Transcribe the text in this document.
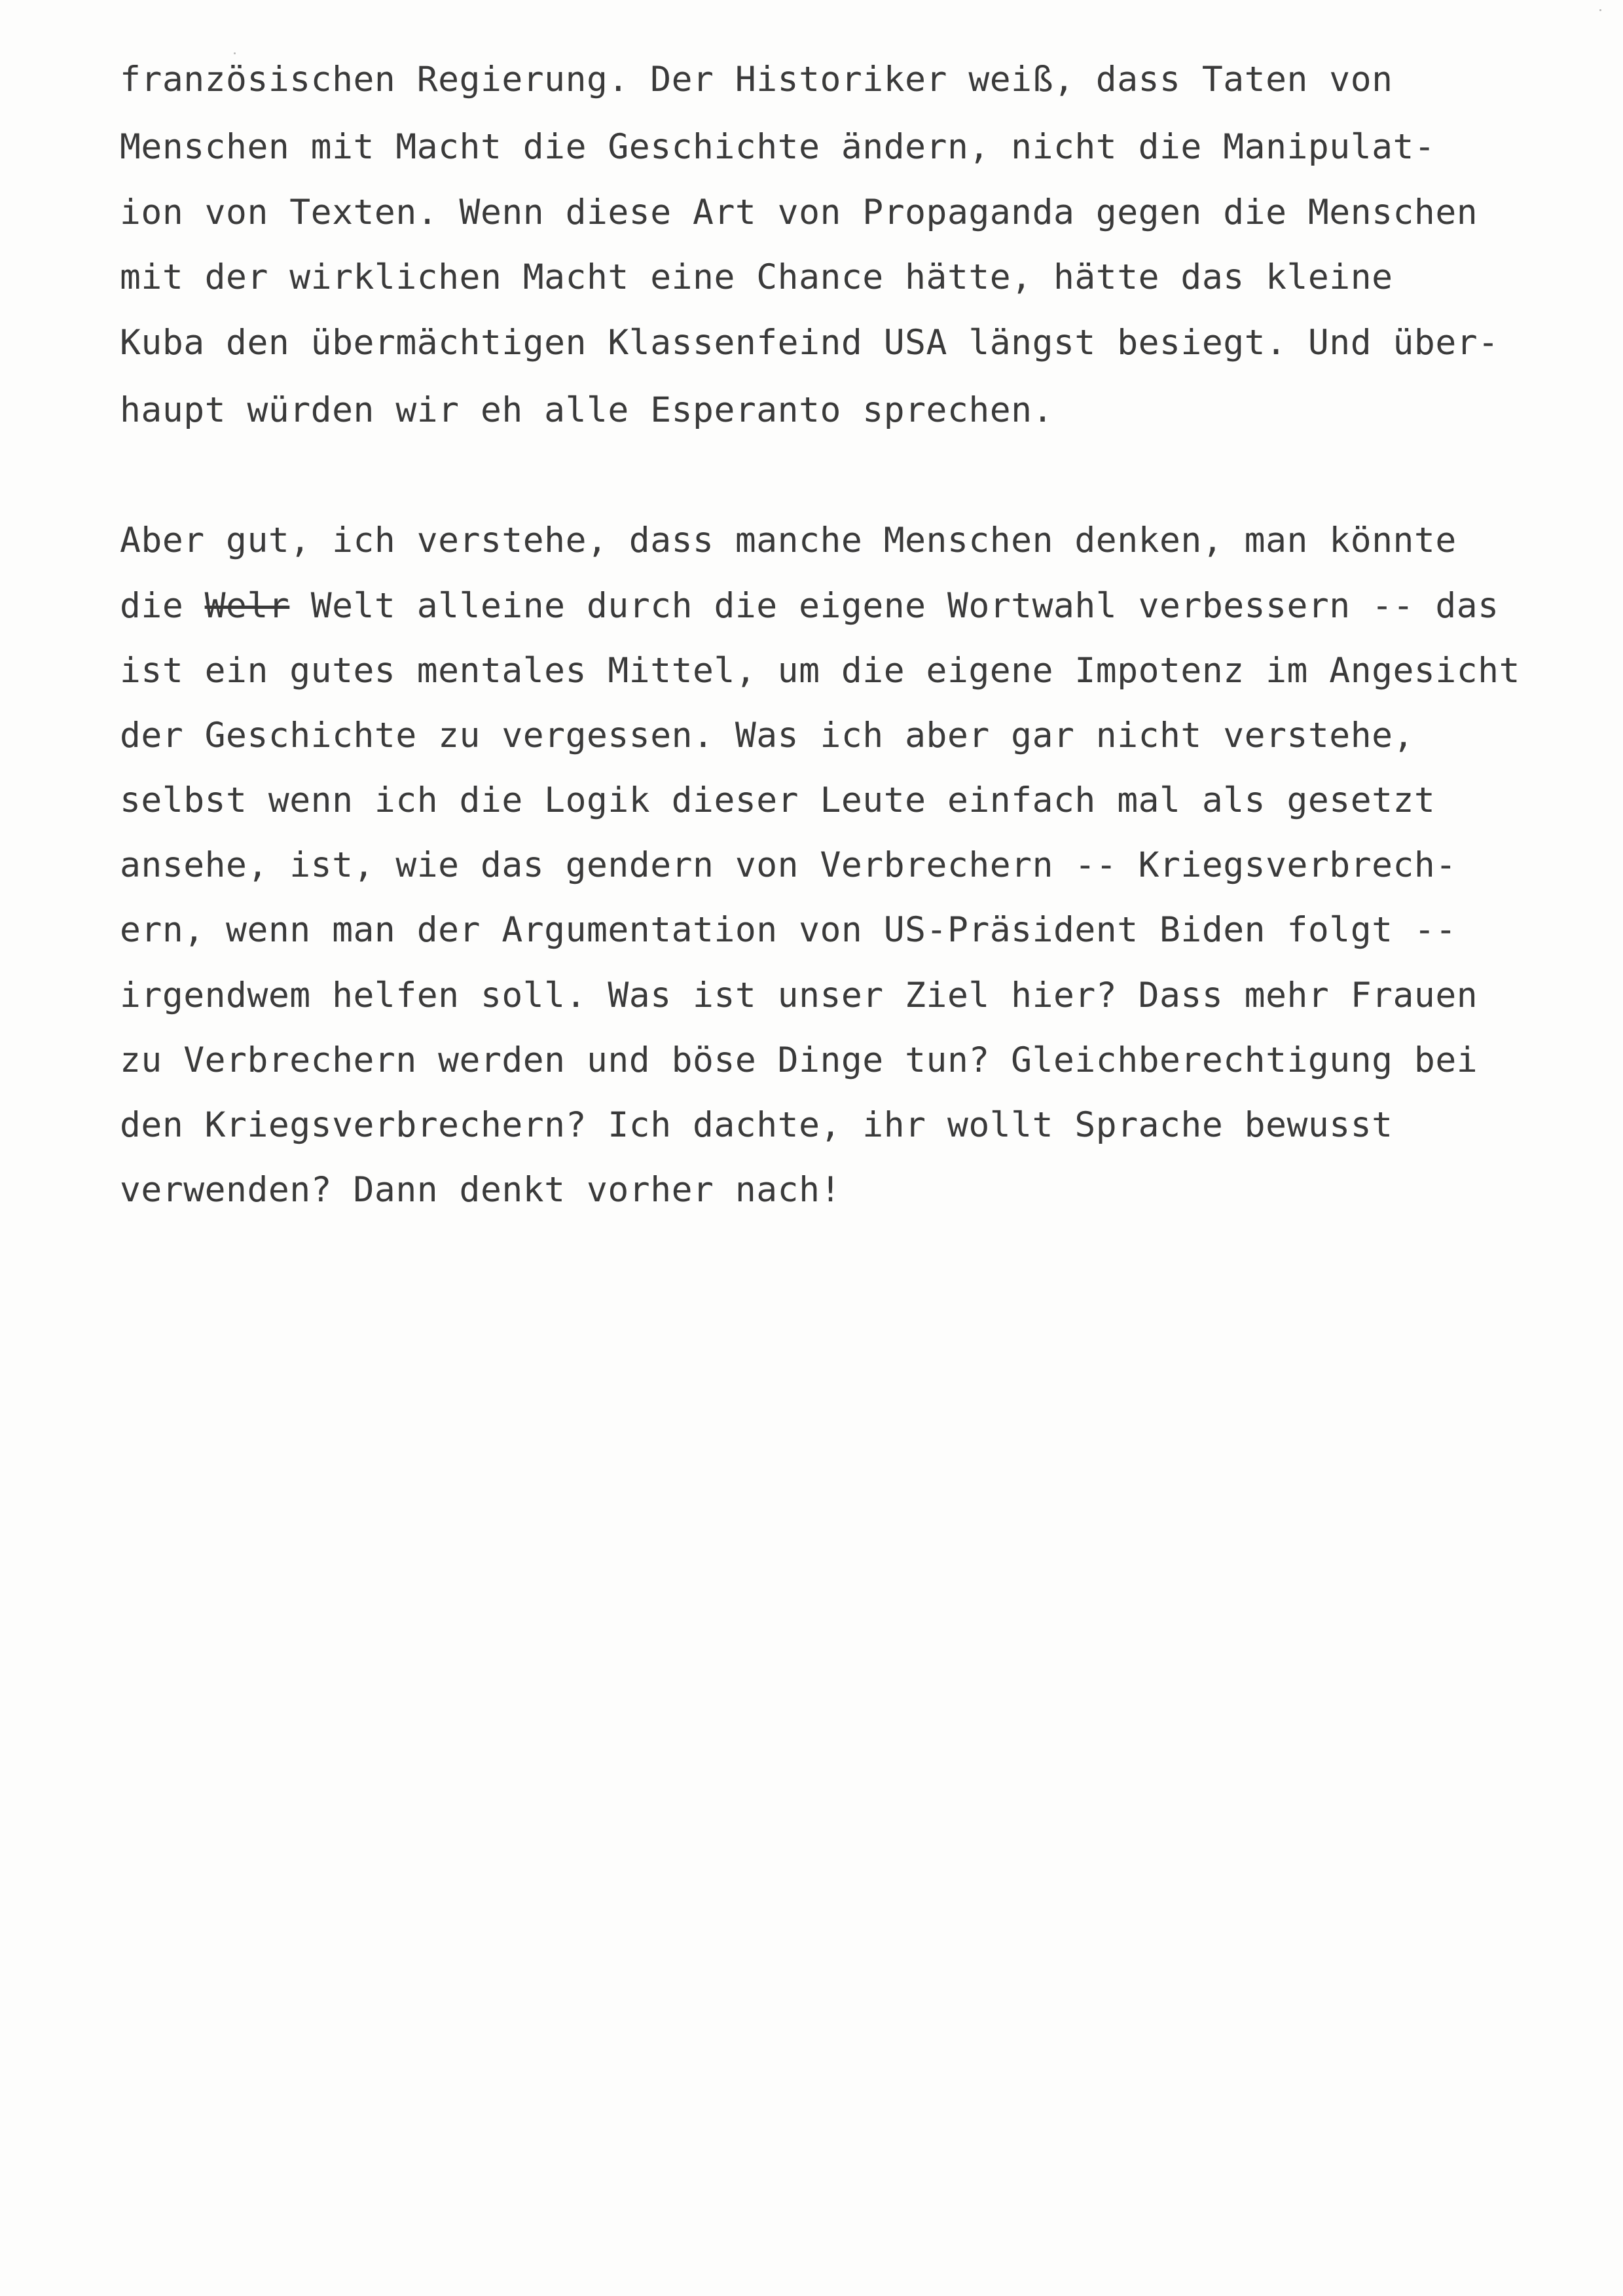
französischen Regierung. Der Historiker weiß, dass Taten von
Menschen mit Macht die Geschichte ändern, nicht die Manipulat-
ion von Texten. Wenn diese Art von Propaganda gegen die Menschen
mit der wirklichen Macht eine Chance hätte, hätte das kleine
Kuba den übermächtigen Klassenfeind USA längst besiegt. Und über-
haupt würden wir eh alle Esperanto sprechen.
Aber gut, ich verstehe, dass manche Menschen denken, man könnte
die Welr Welt alleine durch die eigene Wortwahl verbessern -- das
ist ein gutes mentales Mittel, um die eigene Impotenz im Angesicht
der Geschichte zu vergessen. Was ich aber gar nicht verstehe,
selbst wenn ich die Logik dieser Leute einfach mal als gesetzt
ansehe, ist, wie das gendern von Verbrechern -- Kriegsverbrech-
ern, wenn man der Argumentation von US-Präsident Biden folgt --
irgendwem helfen soll. Was ist unser Ziel hier? Dass mehr Frauen
zu Verbrechern werden und böse Dinge tun? Gleichberechtigung bei
den Kriegsverbrechern? Ich dachte, ihr wollt Sprache bewusst
verwenden? Dann denkt vorher nach!
